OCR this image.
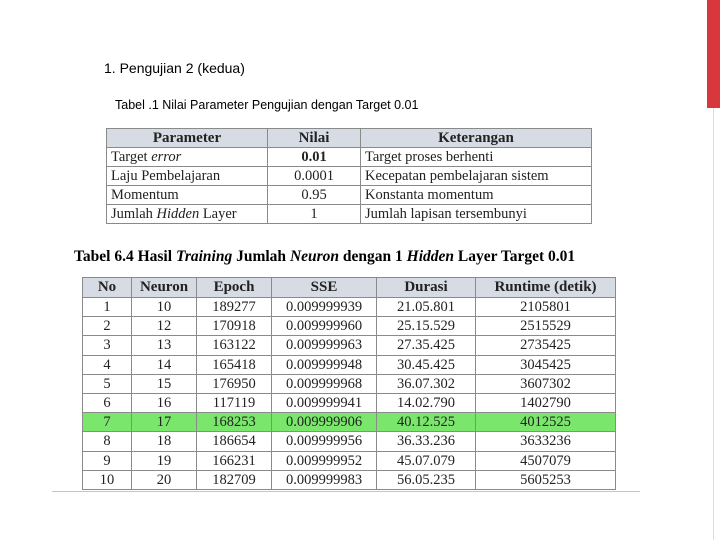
1. Pengujian 2 (kedua)
Tabel .1 Nilai Parameter Pengujian dengan Target 0.01
Parameter	Nilai	Keterangan
Target error	0.01	Target proses berhenti
Laju Pembelajaran	0.0001	Kecepatan pembelajaran sistem
Momentum	0.95	Konstanta momentum
Jumlah Hidden Layer	1	Jumlah lapisan tersembunyi
Tabel 6.4 Hasil Training Jumlah Neuron dengan 1 Hidden Layer Target 0.01
No	Neuron	Epoch	SSE	Durasi	Runtime (detik)
1	10	189277	0.009999939	21.05.801	2105801
2	12	170918	0.009999960	25.15.529	2515529
3	13	163122	0.009999963	27.35.425	2735425
4	14	165418	0.009999948	30.45.425	3045425
5	15	176950	0.009999968	36.07.302	3607302
6	16	117119	0.009999941	14.02.790	1402790
7	17	168253	0.009999906	40.12.525	4012525
8	18	186654	0.009999956	36.33.236	3633236
9	19	166231	0.009999952	45.07.079	4507079
10	20	182709	0.009999983	56.05.235	5605253
